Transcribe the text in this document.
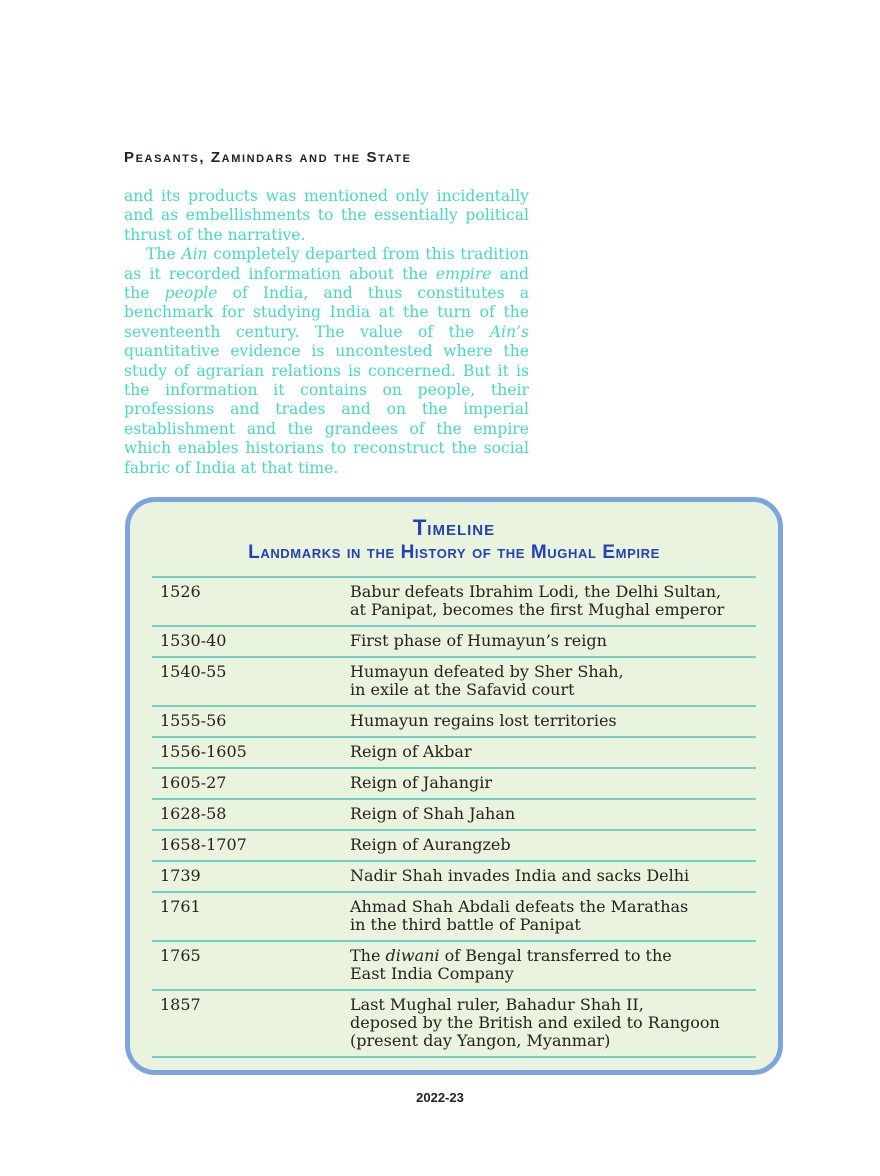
Peasants, Zamindars and the State

and its products was mentioned only incidentally and as embellishments to the essentially political thrust of the narrative.

The Ain completely departed from this tradition as it recorded information about the empire and the people of India, and thus constitutes a benchmark for studying India at the turn of the seventeenth century. The value of the Ain’s quantitative evidence is uncontested where the study of agrarian relations is concerned. But it is the information it contains on people, their professions and trades and on the imperial establishment and the grandees of the empire which enables historians to reconstruct the social fabric of India at that time.

Timeline
Landmarks in the History of the Mughal Empire
1526	Babur defeats Ibrahim Lodi, the Delhi Sultan,
at Panipat, becomes the first Mughal emperor
1530-40	First phase of Humayun’s reign
1540-55	Humayun defeated by Sher Shah,
in exile at the Safavid court
1555-56	Humayun regains lost territories
1556-1605	Reign of Akbar
1605-27	Reign of Jahangir
1628-58	Reign of Shah Jahan
1658-1707	Reign of Aurangzeb
1739	Nadir Shah invades India and sacks Delhi
1761	Ahmad Shah Abdali defeats the Marathas
in the third battle of Panipat
1765	The diwani of Bengal transferred to the
East India Company
1857	Last Mughal ruler, Bahadur Shah II,
deposed by the British and exiled to Rangoon
(present day Yangon, Myanmar)
2022-23
